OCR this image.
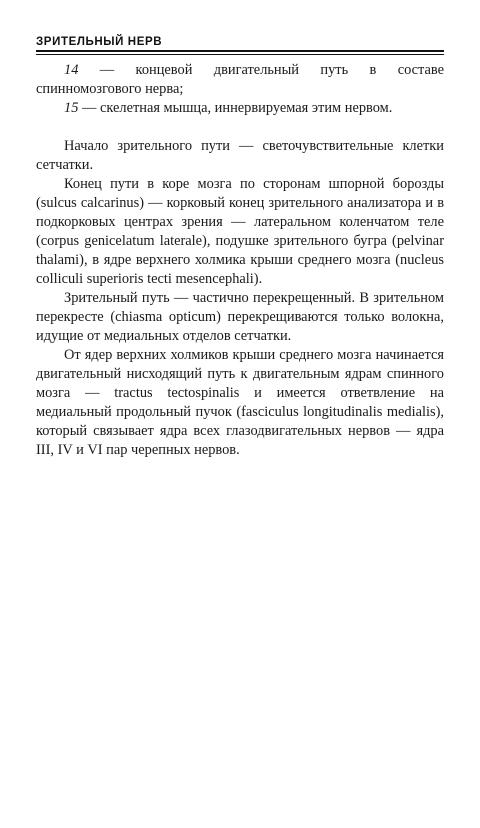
ЗРИТЕЛЬНЫЙ НЕРВ

14 — концевой двигательный путь в составе спинномозгового нерва;

15 — скелетная мышца, иннервируемая этим нервом.

Начало зрительного пути — светочувствительные клетки сетчатки.

Конец пути в коре мозга по сторонам шпорной борозды (sulcus calcarinus) — корковый конец зрительного анализатора и в подкорковых центрах зрения — латеральном коленчатом теле (corpus genicelatum laterale), подушке зрительного бугра (pelvinar thalami), в ядре верхнего холмика крыши среднего мозга (nucleus colliculi superioris tecti mesencephali).

Зрительный путь — частично перекрещенный. В зрительном перекресте (chiasma opticum) перекрещиваются только волокна, идущие от медиальных отделов сетчатки.

От ядер верхних холмиков крыши среднего мозга начинается двигательный нисходящий путь к двигательным ядрам спинного мозга — tractus tectospinalis и имеется ответвление на медиальный продольный пучок (fasciculus longitudinalis medialis), который связывает ядра всех глазодвигательных нервов — ядра III, IV и VI пар черепных нервов.
